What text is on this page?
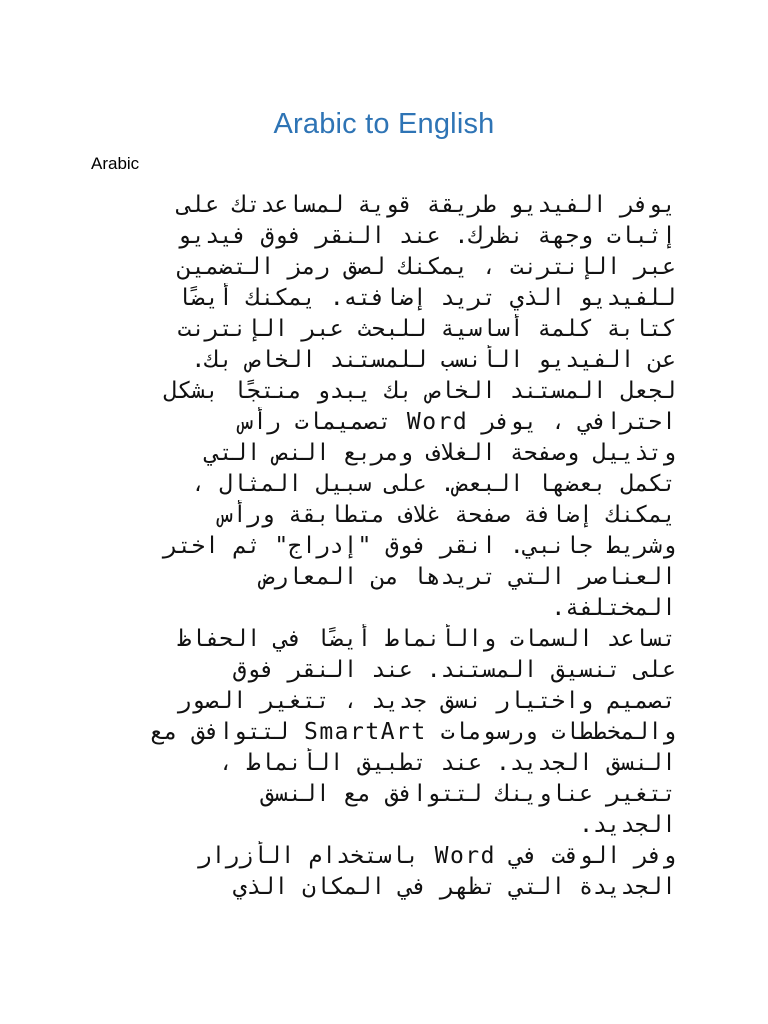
Arabic to English
Arabic
يوفر الفيديو طريقة قوية لمساعدتك على
إثبات وجهة نظرك. عند النقر فوق فيديو
عبر الإنترنت ، يمكنك لصق رمز التضمين
للفيديو الذي تريد إضافته. يمكنك أيضًا
كتابة كلمة أساسية للبحث عبر الإنترنت
عن الفيديو الأنسب للمستند الخاص بك.
لجعل المستند الخاص بك يبدو منتجًا بشكل
احترافي ، يوفر Word تصميمات رأس
وتذييل وصفحة الغلاف ومربع النص التي
تكمل بعضها البعض. على سبيل المثال ،
يمكنك إضافة صفحة غلاف متطابقة ورأس
وشريط جانبي. انقر فوق "إدراج" ثم اختر
العناصر التي تريدها من المعارض
المختلفة.
تساعد السمات والأنماط أيضًا في الحفاظ
على تنسيق المستند. عند النقر فوق
تصميم واختيار نسق جديد ، تتغير الصور
والمخططات ورسومات SmartArt لتتوافق مع
النسق الجديد. عند تطبيق الأنماط ،
تتغير عناوينك لتتوافق مع النسق
الجديد.
وفر الوقت في Word باستخدام الأزرار
الجديدة التي تظهر في المكان الذي
